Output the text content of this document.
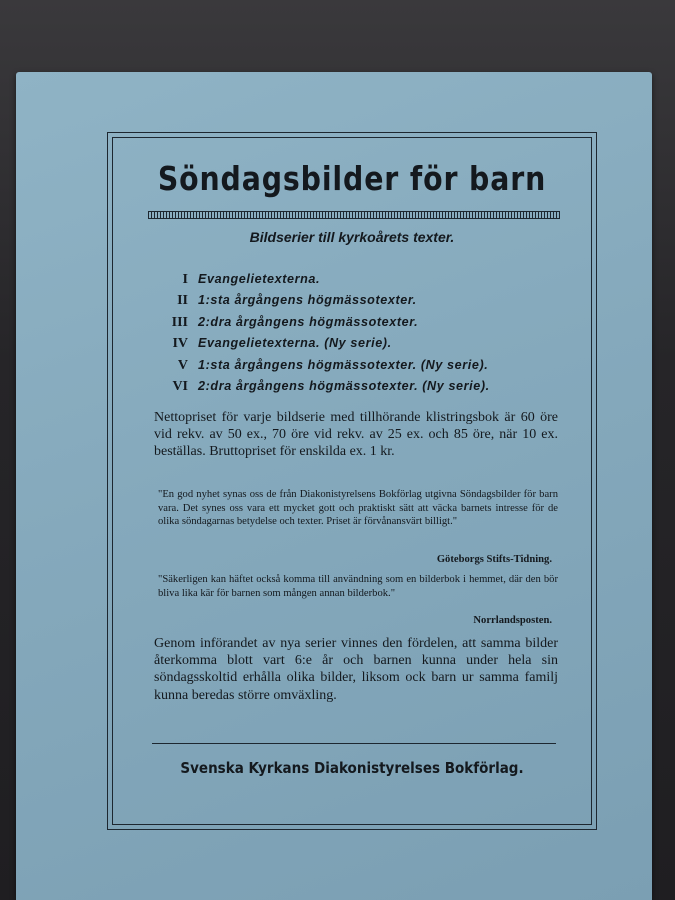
Söndagsbilder för barn
Bildserier till kyrkoårets texter.
I Evangelietexterna.
II 1:sta årgångens högmässotexter.
III 2:dra årgångens högmässotexter.
IV Evangelietexterna. (Ny serie).
V 1:sta årgångens högmässotexter. (Ny serie).
VI 2:dra årgångens högmässotexter. (Ny serie).
Nettopriset för varje bildserie med tillhörande klistringsbok är 60 öre vid rekv. av 50 ex., 70 öre vid rekv. av 25 ex. och 85 öre, när 10 ex. beställas. Bruttopriset för enskilda ex. 1 kr.
"En god nyhet synas oss de från Diakonistyrelsens Bokförlag utgivna Söndagsbilder för barn vara. Det synes oss vara ett mycket gott och praktiskt sätt att väcka barnets intresse för de olika söndagarnas betydelse och texter. Priset är förvånansvärt billigt."
Göteborgs Stifts-Tidning.
"Säkerligen kan häftet också komma till användning som en bilderbok i hemmet, där den bör bliva lika kär för barnen som mången annan bilderbok."
Norrlandsposten.
Genom införandet av nya serier vinnes den fördelen, att samma bilder återkomma blott vart 6:e år och barnen kunna under hela sin söndagsskoltid erhålla olika bilder, liksom ock barn ur samma familj kunna beredas större omväxling.
Svenska Kyrkans Diakonistyrelses Bokförlag.
